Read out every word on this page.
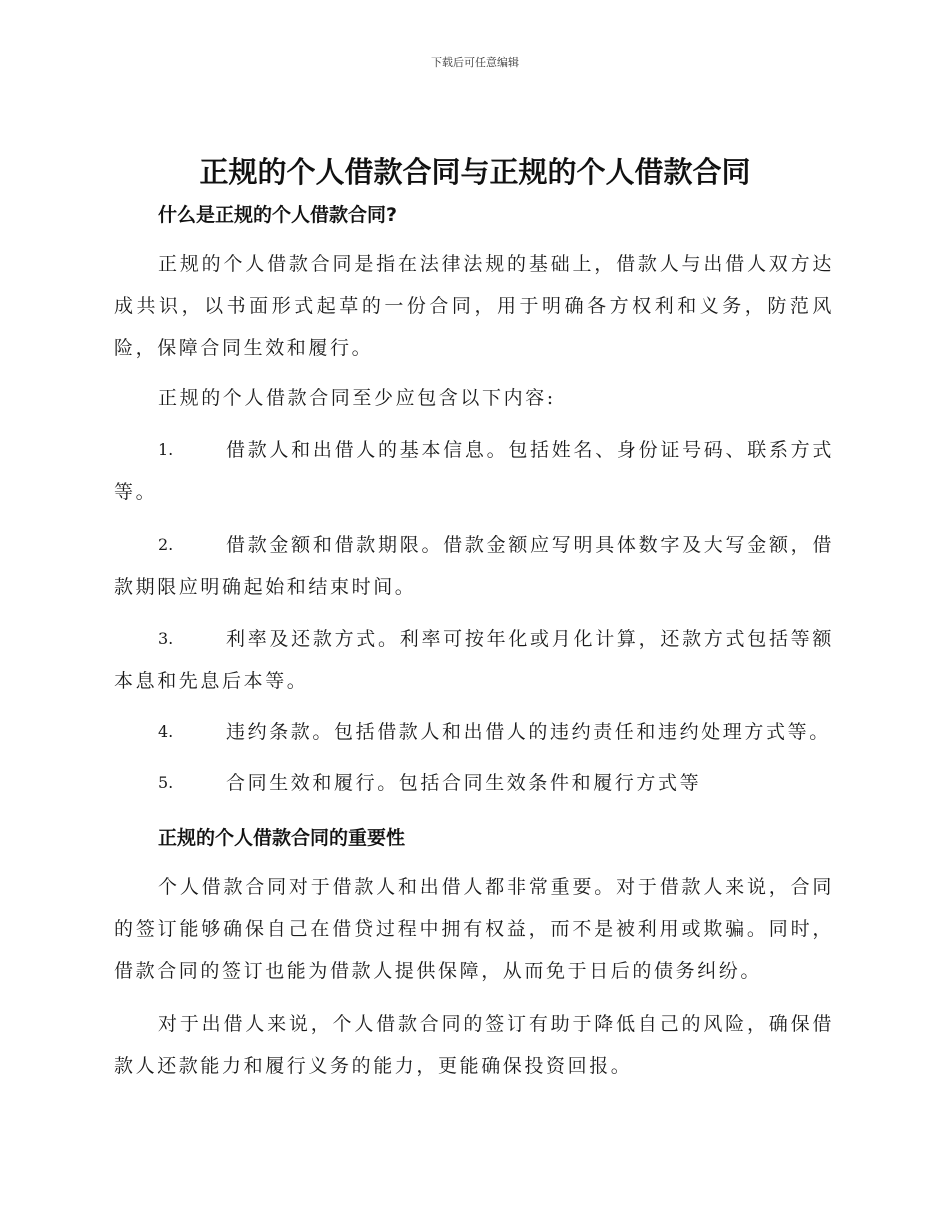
下载后可任意编辑
正规的个人借款合同与正规的个人借款合同
什么是正规的个人借款合同?
正规的个人借款合同是指在法律法规的基础上，借款人与出借人双方达成共识，以书面形式起草的一份合同，用于明确各方权利和义务，防范风险，保障合同生效和履行。
正规的个人借款合同至少应包含以下内容:
1.	借款人和出借人的基本信息。包括姓名、身份证号码、联系方式等。
2.	借款金额和借款期限。借款金额应写明具体数字及大写金额，借款期限应明确起始和结束时间。
3.	利率及还款方式。利率可按年化或月化计算，还款方式包括等额本息和先息后本等。
4.	违约条款。包括借款人和出借人的违约责任和违约处理方式等。
5.	合同生效和履行。包括合同生效条件和履行方式等
正规的个人借款合同的重要性
个人借款合同对于借款人和出借人都非常重要。对于借款人来说，合同的签订能够确保自己在借贷过程中拥有权益，而不是被利用或欺骗。同时，借款合同的签订也能为借款人提供保障，从而免于日后的债务纠纷。
对于出借人来说，个人借款合同的签订有助于降低自己的风险，确保借款人还款能力和履行义务的能力，更能确保投资回报。
